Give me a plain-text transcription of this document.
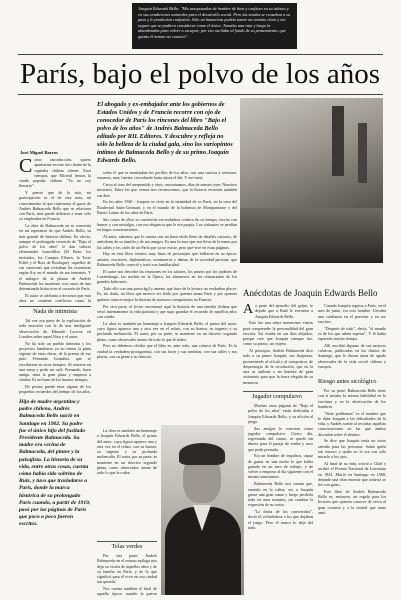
Joaquín Edwards Bello: "Mis antepasados de hombre de bien y confieso en su talento y en sus condiciones naturales para el desarrollo social. Pero las sendas se cruzaban a su paso y le producían confusión. Sólo un humorista podría tomar un camino claro y ten seguro que se pudiera considerar como el único. Tomaba una ruta y luego la abandonaba para volver a escapar; por eso oscilaba al fondo de su pensamiento, que quizás él mismo no conoció".
París, bajo el polvo de los años
El abogado y ex-embajador ante los gobiernos de Estados Unidos y de Francia recorre con ojo de conocedor de París los rincones del libro "Bajo el polvo de los años" de Andrés Balmaceda Bello editado por RIL Editores. Y descubre y refleja no sólo la belleza de la ciudad gala, sino los variopintos íntimos de Balmaceda Bello y de su primo Joaquín Edwards Bello.
José Miguel Barros

Como introducción, quiero apuntarme en este foto frente de la capitalia chilena cilente. Esos tiempos, que Micreal hemos la citado popular chileno "Ya no soy literario".

Y puesto que de lo mío, mi participación es el de esta nota, mi conocimiento lo que representa el gusto de Andrés Balmaceda Bello que se relaciona con París, más puede delirarse a tener sólo ya empleados en Francia.

La obra de Balmaceda en se convertía en mi esperanza de que Andrés Bello, su más grande de historia chilena. En efecto, aunque el prolongado recuerdo de "Bajo el polvo de los años" le dan valores elementales francófilos (El Beso, los invitados, los Campos Elíseos, la Torre Eiffel y el Bois de Boulogne) -aquellos de sus canciones que recitaban las escenarias según Ary en el mundo de sus tenientes. Y el milagro de la pluma de Andrés Balmaceda los mantiene con casos de una determinada historia en el corazón de París.

El autor se adelanta a decirnos que esta obra no contiene conflictos como la

Nada de intimista

Tal vez esa parte de la explicación de toda emoción con la de una inteligente observación de Eduardo Lacroix en Londres sobre aquel libro y el autor.

No ha sido un pueblo intimista y los proyectos familiares ya no tienen la pinta vigente de estas obras, de la prensa de ese país: Fernando González, que se escribieron en otros tiempos. Al sentarse en una mesa y pedir un café, Fernando, buen amigo, mira la gran plaza y empieza a charlar. Es un buen de los buenos tiempos.

De pronto puede estar alguno de los pequeños recuerdos del tiempo de los años,

Hijo de madre argentina y padre chileno, Andrés Balmaceda Bello nació en Santiago en 1902. Su padre fue el único hijo del fusilado Presidente Balmaceda. Su madre era vecina de Balmaceda, del pintor y la paisajista. La historia de su vida, entre otras cosas, cuenta cómo había sido sobrino de Ruiz, y tuvo que trasladarse a París, donde la marca histórica de su prolongado París cuando, a partir de 1919, pasó por las páginas de París que poco a poco fueron escritos.

sobre el que se manejaban los perfiles de los años, con una curiosa y aventura, enormes, muy fuertes, recordando hasta ahora el día. Y ese tenía.

Cerca al tono del arrepentido y otros, encontramos, días de nuestro ayer. Nuestros misterios. Entre los que vemos nos reconocemos, que la historia recuerda también sus días.

En los años 1920 - Joaquín se vivía en la intimidad de su París, en la casa del Boulevard Saint-Germain, y en el mundo de la bohemia de Montparnasse y del Barrio Latino de los años de París.

Sus cartas de ellos se convierten en verdadera crónica de su tiempo, escrita con humor y con nostalgia, con esa elegancia que le era propia. Los visitantes se perdían en largas conversaciones.

Al autor, sabemos que lo cuenta con un buen estilo lleno de detalles curiosos, de anécdotas de su familia y de sus amigos. Es una lectura que nos lleva de la mano por las calles y los cafés de un París que ya no existe, pero que vive en estas páginas.

Hay en este libro retratos muy finos de personajes que brillaron en su época: artistas, escritores, diplomáticos, aventureros y damas de la sociedad parisina, que Balmaceda Bello conoció y trató con familiaridad.

El autor nos describe las reuniones en los salones, los paseos por los jardines de Luxemburgo, las noches en la Ópera, los almuerzos en los restaurantes de los grandes bulevares.

Todo ello con una prosa ágil y amena, que hace de la lectura un verdadero placer. Es, sin duda, un libro que merece ser leído por quienes aman París y por quienes quieren conocer mejor la historia de nuestros compatriotas en Francia.

Por otra parte, el lector encontrará aquí la historia de una familia chilena que vivió intensamente la vida parisina y que supo guardar el recuerdo de aquellos años con cariño.

La obra es también un homenaje a Joaquín Edwards Bello, el primo del autor, cuya figura aparece una y otra vez en el relato, con su humor, su ingenio y su profunda melancolía. El autor, por su parte, se mantiene en un discreto segundo plano, como observador atento de todo lo que le rodea.

Pero no debemos olvidar que el libro es, ante todo, una crónica de París. Es la ciudad la verdadera protagonista, con sus luces y sus sombras, con sus calles y sus plazas, con su gente y su historia.

La obra es también un homenaje a Joaquín Edwards Bello, el primo del autor, cuya figura aparece una y otra vez en el relato, con su humor, su ingenio y su profunda melancolía. El autor, por su parte, se mantiene en un discreto segundo plano, como observador atento de todo lo que le rodea.

Telas verdes

Por otra parte, Andrés Balmaceda en el mismo epílogo nos deja su visión de aquellos años y de su familia en París, y de lo que significó para él vivir en esa ciudad tan querida.

Nos cuenta también el final de aquella época, cuando la guerra

Anécdotas de Joaquín Edwards Bello

Aa parte del episodio del golpe, le dejado que a Raúl le enviaron a Joaquín Edwards Bello.

Este fue una sobre numerosas visitas para comprender la personalidad del gran escritor. Así estaba en sus días alejados, porque cree que Joaquín siempre fue, como su primo, un viajero.

Al principio, Andrés Balmaceda dice todo a su primo Joaquín, sus flaquezas, prometiendo al oficial y al compositor, de desprestigio de la circulación, que en la otra se atribuía a un hombre de gran visionario para que la fuera elegida de su memoria.

Jugador compulsivo

Muchas otras páginas de "Bajo el polvo de los años" están dedicadas a Joaquín Edwards Bello, y su afición al juego.

Sus amigos le conocían como jugador compulsivo. Cierto día, regresando del casino, se quedó sin dinero para el pasaje de vuelta y tuvo que pedir prestado.

Era un hombre de impulsos, capaz de gastar en una noche lo que había ganado en un mes de trabajo, y de volver a empezar al día siguiente con el mismo entusiasmo.

Balmaceda Bello nos cuenta que, estando en la ruleta, vio a Joaquín ganar una gran suma y luego perderla toda en unos minutos, sin cambiar la expresión de su rostro.

"La dicha de los convertidos", decía él, refiriéndose a los que dejaban el juego. Pero él nunca lo dejó del todo.

Cuando Joaquín regresa a París, en el mes de junio, era otro hombre. Llevaba una confianza en el porvenir y en sus escritos.

"Después de todo", decía, "el mundo es de los que saben esperar". Y él había esperado mucho tiempo.

Allí escribió algunas de sus mejores crónicas, publicadas en los diarios de Santiago, que le dieron fama de agudo observador de la vida social chilena y europea.

Riesgo antes sicológico

Por su parte, Balmaceda Bello tiene con sí mismo la misma habilidad en la escritura y en la observación de los hombres.

"Siete problemas" es el nombre que le daba Joaquín a las dificultades de la vida, y Andrés sonríe al recordar aquellas conversaciones en las que ambos discutían sobre el destino.

Se dice que Joaquín tenía un sexto sentido para las personas. Sabía quién era sincero y quién no lo era con sólo mirarlo a los ojos.

Al final de su vida, volvió a Chile y recibió el Premio Nacional de Literatura en 1943. Murió en Santiago en 1968, dejando una obra enorme que todavía se lee con gusto.

Este libro de Andrés Balmaceda Bello es, entonces, un regalo para los lectores que quieren conocer de cerca al gran cronista y a la ciudad que tanto amó.
